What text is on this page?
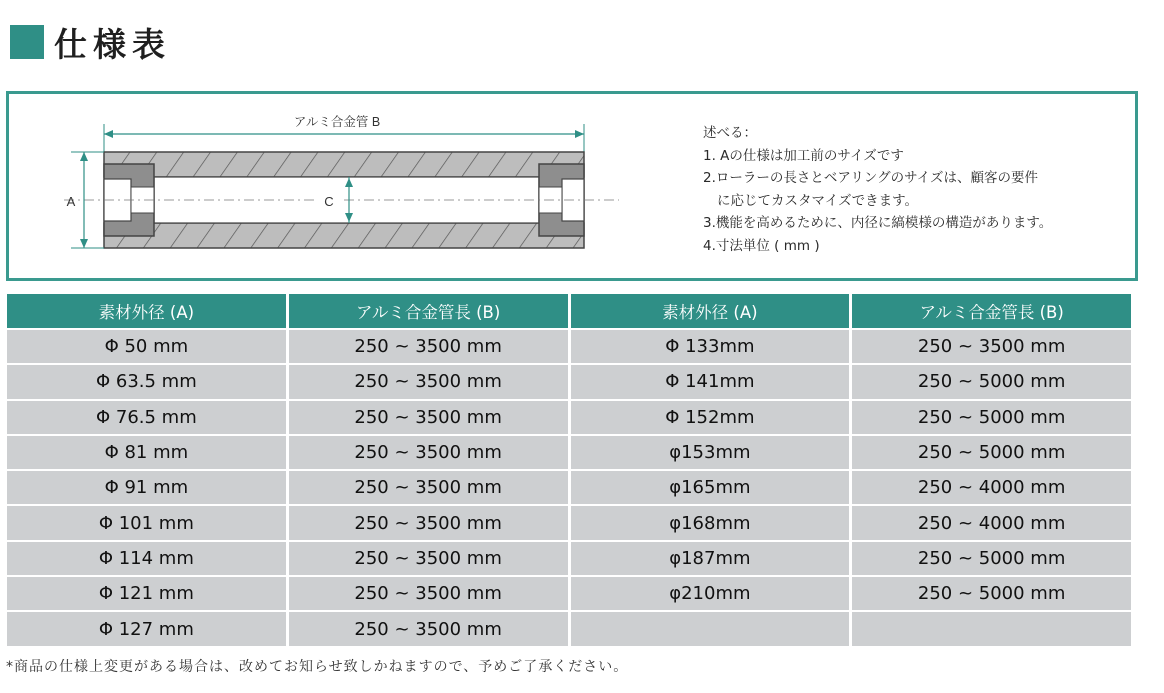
仕様表
アルミ合金管 B
A	C
述べる：
1. Aの仕様は加工前のサイズです
2.ローラーの長さとベアリングのサイズは、顧客の要件
に応じてカスタマイズできます。
3.機能を高めるために、内径に縞模様の構造があります。
4.寸法単位 ( mm )
素材外径 (A)	アルミ合金管長 (B)	素材外径 (A)	アルミ合金管長 (B)
Φ 50 mm	250 ~ 3500 mm	Φ 133mm	250 ~ 3500 mm
Φ 63.5 mm	250 ~ 3500 mm	Φ 141mm	250 ~ 5000 mm
Φ 76.5 mm	250 ~ 3500 mm	Φ 152mm	250 ~ 5000 mm
Φ 81 mm	250 ~ 3500 mm	φ153mm	250 ~ 5000 mm
Φ 91 mm	250 ~ 3500 mm	φ165mm	250 ~ 4000 mm
Φ 101 mm	250 ~ 3500 mm	φ168mm	250 ~ 4000 mm
Φ 114 mm	250 ~ 3500 mm	φ187mm	250 ~ 5000 mm
Φ 121 mm	250 ~ 3500 mm	φ210mm	250 ~ 5000 mm
Φ 127 mm	250 ~ 3500 mm		
*商品の仕様上変更がある場合は、改めてお知らせ致しかねますので、予めご了承ください。
